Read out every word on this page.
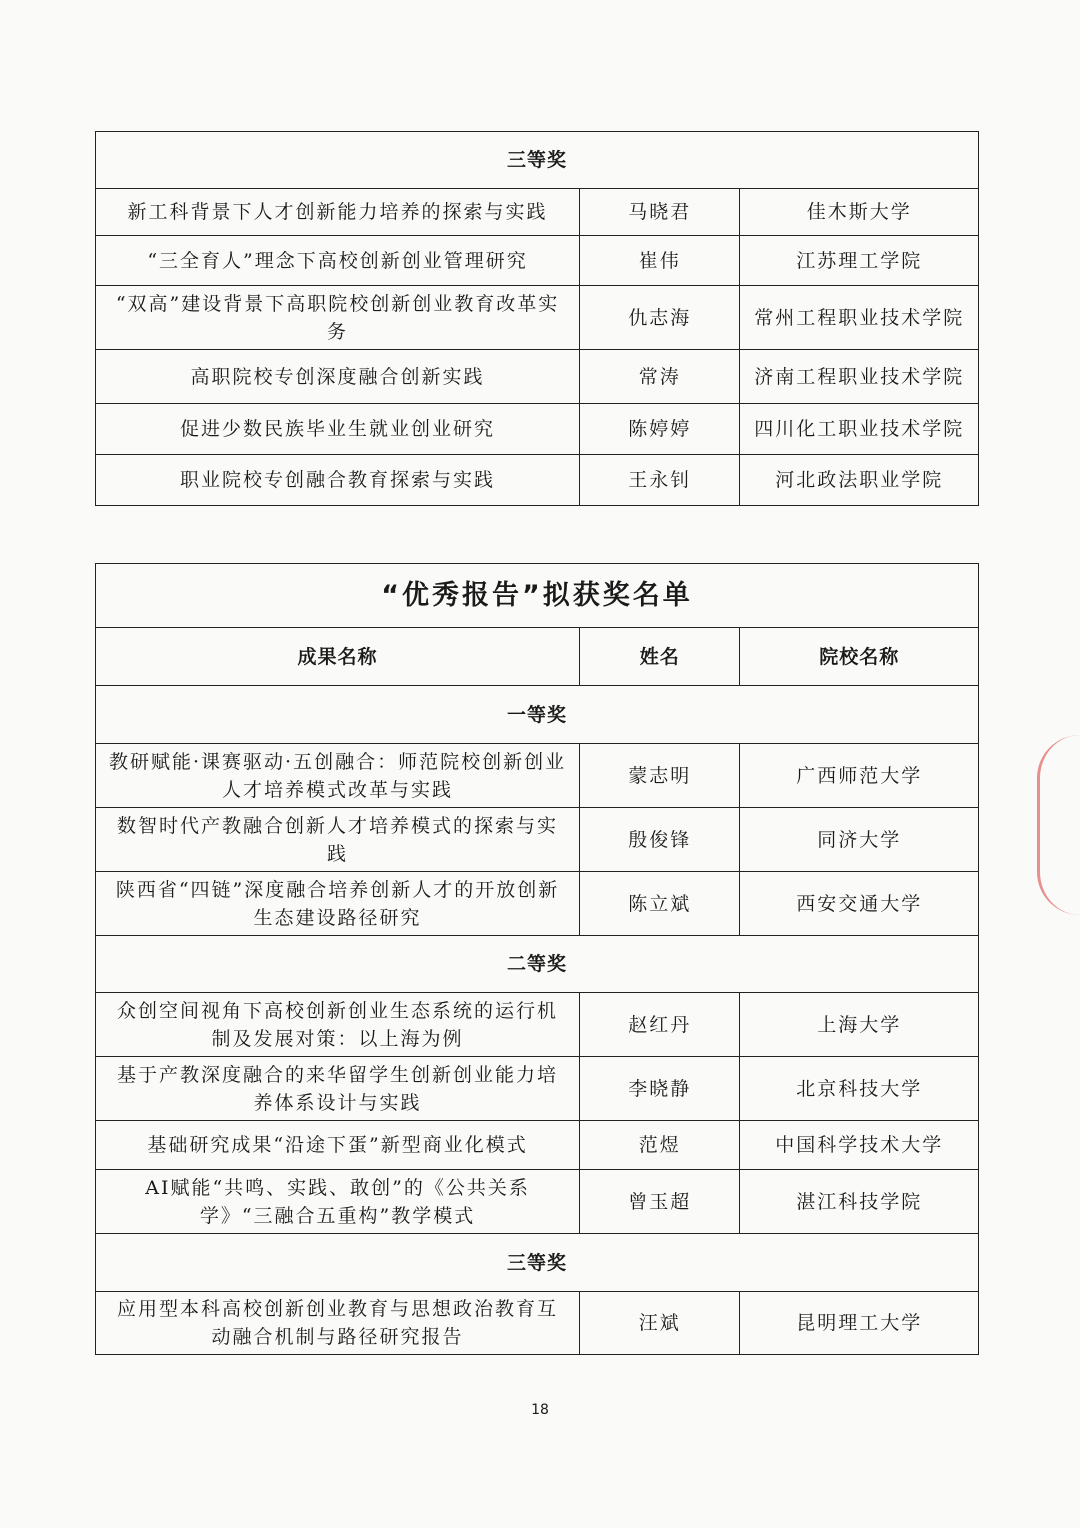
三等奖		
新工科背景下人才创新能力培养的探索与实践	马晓君	佳木斯大学
“三全育人”理念下高校创新创业管理研究	崔伟	江苏理工学院
“双高”建设背景下高职院校创新创业教育改革实务	仇志海	常州工程职业技术学院
高职院校专创深度融合创新实践	常涛	济南工程职业技术学院
促进少数民族毕业生就业创业研究	陈婷婷	四川化工职业技术学院
职业院校专创融合教育探索与实践	王永钊	河北政法职业学院
“优秀报告”拟获奖名单		
成果名称	姓名	院校名称
一等奖		
教研赋能·课赛驱动·五创融合：师范院校创新创业人才培养模式改革与实践	蒙志明	广西师范大学
数智时代产教融合创新人才培养模式的探索与实践	殷俊锋	同济大学
陕西省“四链”深度融合培养创新人才的开放创新生态建设路径研究	陈立斌	西安交通大学
二等奖		
众创空间视角下高校创新创业生态系统的运行机制及发展对策：以上海为例	赵红丹	上海大学
基于产教深度融合的来华留学生创新创业能力培养体系设计与实践	李晓静	北京科技大学
基础研究成果“沿途下蛋”新型商业化模式	范煜	中国科学技术大学
AI赋能“共鸣、实践、敢创”的《公共关系学》“三融合五重构”教学模式	曾玉超	湛江科技学院
三等奖		
应用型本科高校创新创业教育与思想政治教育互动融合机制与路径研究报告	汪斌	昆明理工大学
18
